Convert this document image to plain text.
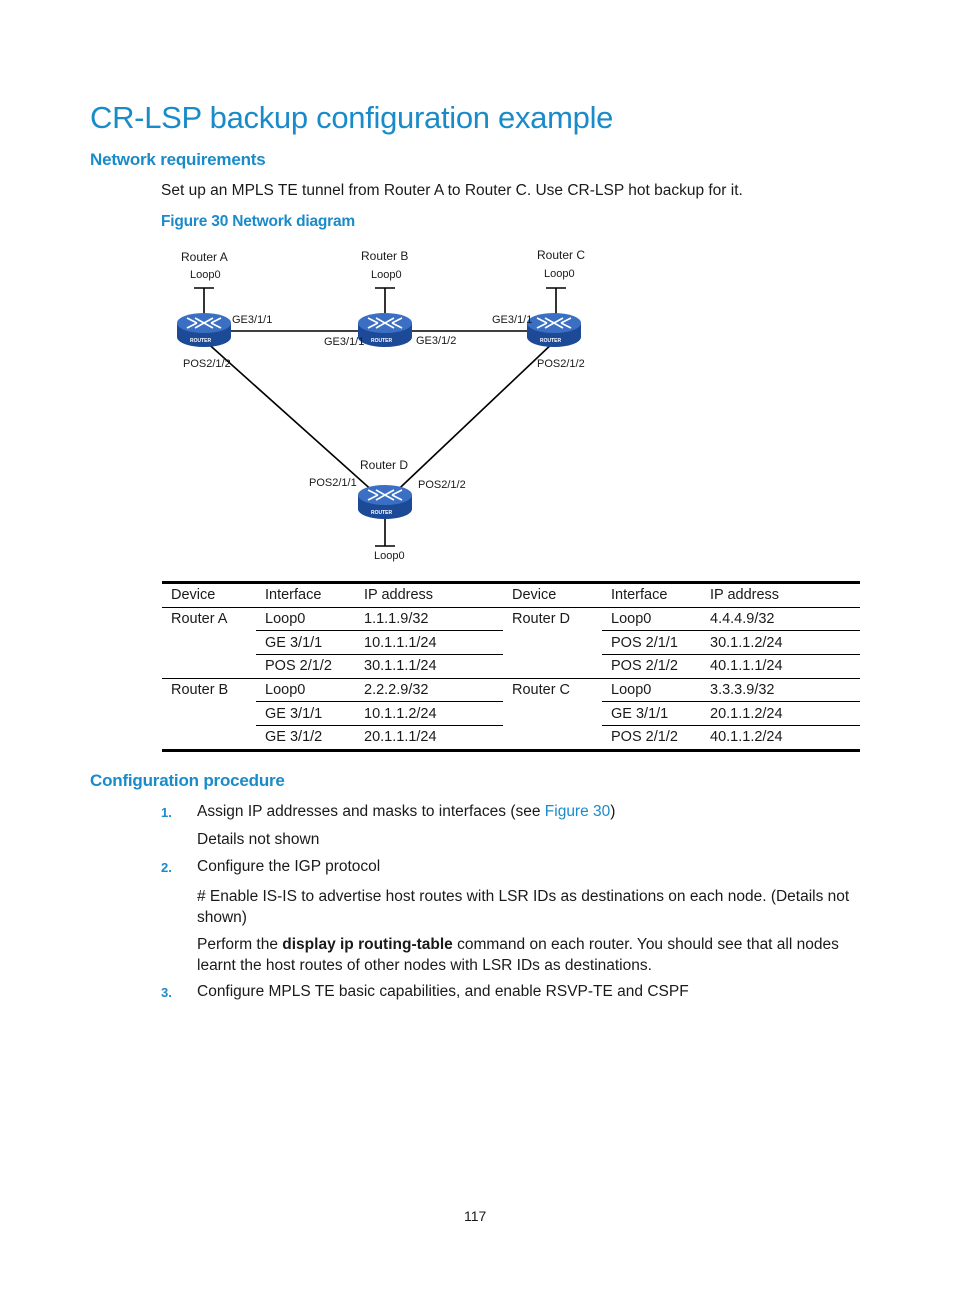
CR-LSP backup configuration example
Network requirements
Set up an MPLS TE tunnel from Router A to Router C. Use CR-LSP hot backup for it.
Figure 30 Network diagram
ROUTER	ROUTER	ROUTER
ROUTER
Router A
Loop0
GE3/1/1
POS2/1/2
Router B
Loop0
GE3/1/1	GE3/1/2
Router C
Loop0
GE3/1/1
POS2/1/2
Router D
POS2/1/1	POS2/1/2
Loop0
Device	Interface	IP address	Device	Interface	IP address
Router A	Loop0	1.1.1.9/32	Router D	Loop0	4.4.4.9/32
	GE 3/1/1	10.1.1.1/24		POS 2/1/1	30.1.1.2/24
	POS 2/1/2	30.1.1.1/24		POS 2/1/2	40.1.1.1/24
Router B	Loop0	2.2.2.9/32	Router C	Loop0	3.3.3.9/32
	GE 3/1/1	10.1.1.2/24		GE 3/1/1	20.1.1.2/24
	GE 3/1/2	20.1.1.1/24		POS 2/1/2	40.1.1.2/24
Configuration procedure
1. Assign IP addresses and masks to interfaces (see Figure 30)
Details not shown
2. Configure the IGP protocol
# Enable IS-IS to advertise host routes with LSR IDs as destinations on each node. (Details not shown)
Perform the display ip routing-table command on each router. You should see that all nodes learnt the host routes of other nodes with LSR IDs as destinations.
3. Configure MPLS TE basic capabilities, and enable RSVP-TE and CSPF
117
